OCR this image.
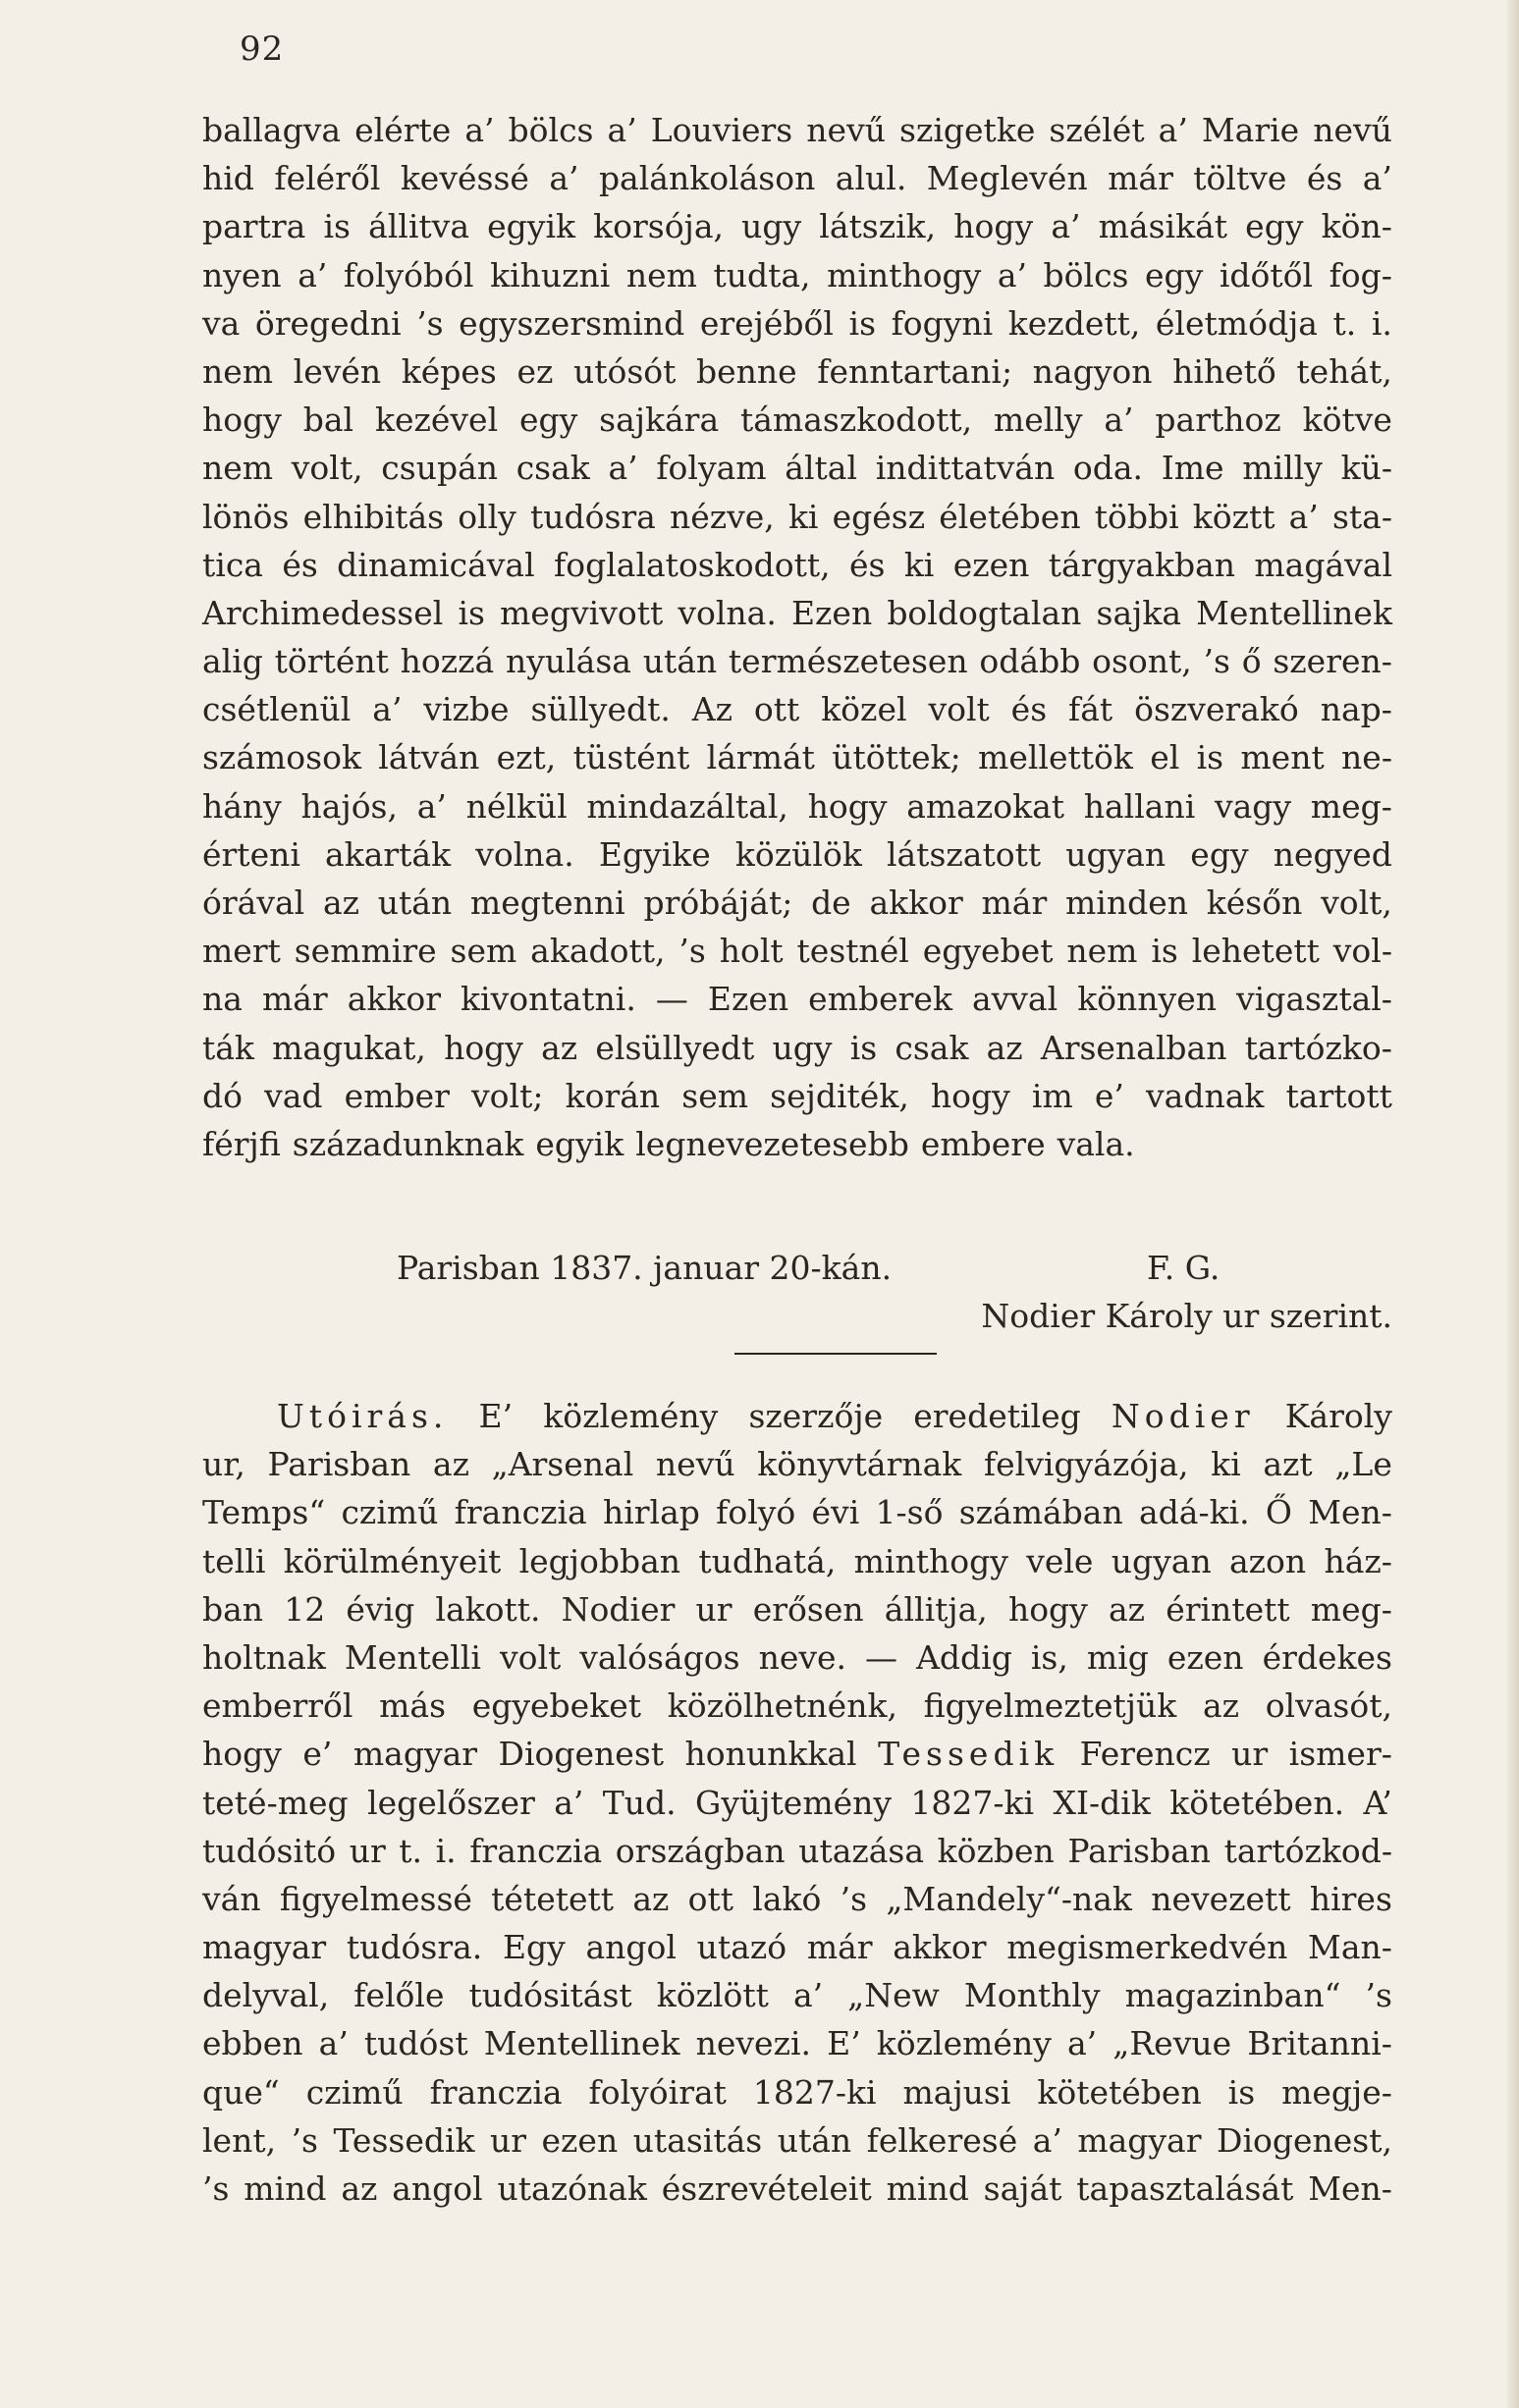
92
ballagva elérte a’ bölcs a’ Louviers nevű szigetke szélét a’ Marie nevű
hid feléről kevéssé a’ palánkoláson alul. Meglevén már töltve és a’
partra is állitva egyik korsója, ugy látszik, hogy a’ másikát egy kön-
nyen a’ folyóból kihuzni nem tudta, minthogy a’ bölcs egy időtől fog-
va öregedni ’s egyszersmind erejéből is fogyni kezdett, életmódja t. i.
nem levén képes ez utósót benne fenntartani; nagyon hihető tehát,
hogy bal kezével egy sajkára támaszkodott, melly a’ parthoz kötve
nem volt, csupán csak a’ folyam által indittatván oda. Ime milly kü-
lönös elhibitás olly tudósra nézve, ki egész életében többi köztt a’ sta-
tica és dinamicával foglalatoskodott, és ki ezen tárgyakban magával
Archimedessel is megvivott volna. Ezen boldogtalan sajka Mentellinek
alig történt hozzá nyulása után természetesen odább osont, ’s ő szeren-
csétlenül a’ vizbe süllyedt. Az ott közel volt és fát öszverakó nap-
számosok látván ezt, tüstént lármát ütöttek; mellettök el is ment ne-
hány hajós, a’ nélkül mindazáltal, hogy amazokat hallani vagy meg-
érteni akarták volna. Egyike közülök látszatott ugyan egy negyed
órával az után megtenni próbáját; de akkor már minden későn volt,
mert semmire sem akadott, ’s holt testnél egyebet nem is lehetett vol-
na már akkor kivontatni. — Ezen emberek avval könnyen vigasztal-
ták magukat, hogy az elsüllyedt ugy is csak az Arsenalban tartózko-
dó vad ember volt; korán sem sejditék, hogy im e’ vadnak tartott
férjfi századunknak egyik legnevezetesebb embere vala.
Parisban 1837. januar 20-kán.	F. G.
Nodier Károly ur szerint.
Utóirás. E’ közlemény szerzője eredetileg Nodier Károly
ur, Parisban az „Arsenal nevű könyvtárnak felvigyázója, ki azt „Le
Temps“ czimű franczia hirlap folyó évi 1-ső számában adá-ki. Ő Men-
telli körülményeit legjobban tudhatá, minthogy vele ugyan azon ház-
ban 12 évig lakott. Nodier ur erősen állitja, hogy az érintett meg-
holtnak Mentelli volt valóságos neve. — Addig is, mig ezen érdekes
emberről más egyebeket közölhetnénk, figyelmeztetjük az olvasót,
hogy e’ magyar Diogenest honunkkal Tessedik Ferencz ur ismer-
teté-meg legelőszer a’ Tud. Gyüjtemény 1827-ki XI-dik kötetében. A’
tudósitó ur t. i. franczia országban utazása közben Parisban tartózkod-
ván figyelmessé tétetett az ott lakó ’s „Mandely“-nak nevezett hires
magyar tudósra. Egy angol utazó már akkor megismerkedvén Man-
delyval, felőle tudósitást közlött a’ „New Monthly magazinban“ ’s
ebben a’ tudóst Mentellinek nevezi. E’ közlemény a’ „Revue Britanni-
que“ czimű franczia folyóirat 1827-ki majusi kötetében is megje-
lent, ’s Tessedik ur ezen utasitás után felkeresé a’ magyar Diogenest,
’s mind az angol utazónak észrevételeit mind saját tapasztalását Men-
